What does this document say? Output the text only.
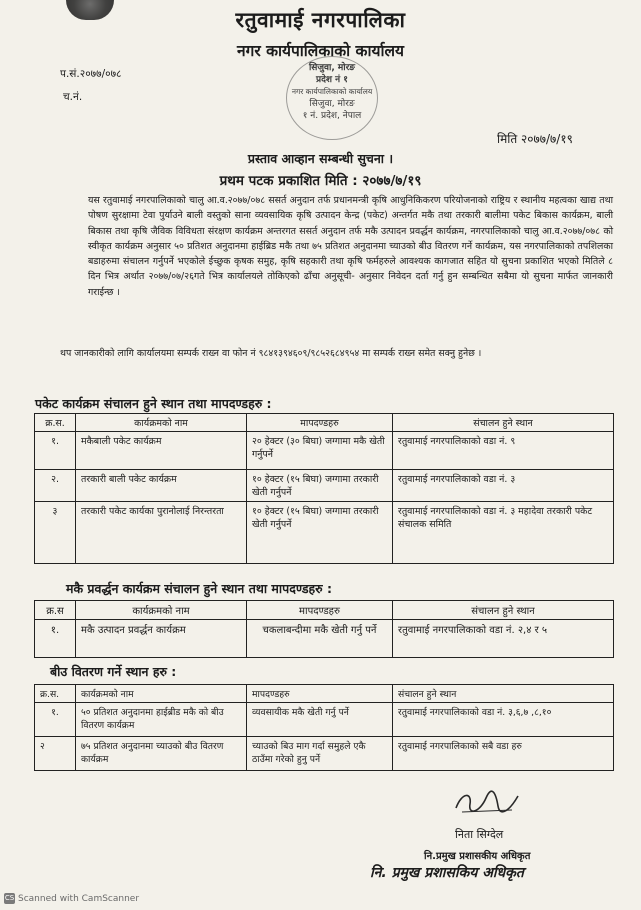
रतुवामाई नगरपालिका
नगर कार्यपालिकाको कार्यालय
प.सं.२०७७/०७८
च.नं.
मिति २०७७/७/१९
सिजुवा, मोरङ
प्रदेश नं १
नगर कार्यपालिकाको कार्यालय
सिजुवा, मोरङ
१ नं. प्रदेश, नेपाल
प्रस्ताव आव्हान सम्बन्धी सुचना ।
प्रथम पटक प्रकाशित मिति : २०७७/७/१९
यस रतुवामाई नगरपालिकाको चालु आ.व.२०७७/०७८ ससर्त अनुदान तर्फ प्रधानमन्त्री कृषि आधुनिकिकरण परियोजनाको राष्ट्रिय र स्थानीय महत्वका खाद्य तथा पोषण सुरक्षामा टेवा पुर्याउने बाली वस्तुको साना व्यवसायिक कृषि उत्पादन केन्द्र (पकेट) अन्तर्गत मकै तथा तरकारी बालीमा पकेट बिकास कार्यक्रम, बाली बिकास तथा कृषि जैविक विविधता संरक्षण कार्यक्रम अन्तरगत ससर्त अनुदान तर्फ मकै उत्पादन प्रवर्द्धन कार्यक्रम, नगरपालिकाको चालु आ.व.२०७७/०७८ को स्वीकृत कार्यक्रम अनुसार ५० प्रतिशत अनुदानमा हाईब्रिड मकै तथा ७५ प्रतिशत अनुदानमा च्याउको बीउ वितरण गर्ने कार्यक्रम, यस नगरपालिकाको तपशिलका बडाहरुमा संचालन गर्नुपर्ने भएकोले ईच्छुक कृषक समुह, कृषि सहकारी तथा कृषि फर्महरुले आवश्यक कागजात सहित यो सुचना प्रकाशित भएको मितिले ८ दिन भित्र अर्थात २०७७/०७/२६गते भित्र कार्यालयले तोकिएको ढाँचा अनुसूची- अनुसार निवेदन दर्ता गर्नु हुन सम्बन्धित सबैमा यो सुचना मार्फत जानकारी गराईन्छ ।
थप जानकारीको लागि कार्यालयमा सम्पर्क राख्न वा फोन नं ९८४१३९४६०९/९८५२६८४९५४ मा सम्पर्क राख्न समेत सक्नु हुनेछ ।
पकेट कार्यक्रम संचालन हुने स्थान तथा मापदण्डहरु :
क्र.स.	कार्यक्रमको नाम	मापदण्डहरु	संचालन हुने स्थान
१.	मकैबाली पकेट कार्यक्रम	२० हेक्टर (३० बिघा) जग्गामा मकै खेती गर्नुपर्ने	रतुवामाई नगरपालिकाको वडा नं. ९
२.	तरकारी बाली पकेट कार्यक्रम	१० हेक्टर (१५ बिघा) जग्गामा तरकारी खेती गर्नुपर्ने	रतुवामाई नगरपालिकाको वडा नं. ३
३	तरकारी पकेट कार्यका पुरानोलाई निरन्तरता	१० हेक्टर (१५ बिघा) जग्गामा तरकारी खेती गर्नुपर्ने	रतुवामाई नगरपालिकाको वडा नं. ३ महादेवा तरकारी पकेट संचालक समिति
मकै प्रवर्द्धन कार्यक्रम संचालन हुने स्थान तथा मापदण्डहरु :
क्र.स	कार्यक्रमको नाम	मापदण्डहरु	संचालन हुने स्थान
१.	मकै उत्पादन प्रवर्द्धन कार्यक्रम	चकलाबन्दीमा मकै खेती गर्नु पर्ने	रतुवामाई नगरपालिकाको वडा नं. २,४ र ५
बीउ वितरण गर्ने स्थान हरु :
क्र.स.	कार्यक्रमको नाम	मापदण्डहरु	संचालन हुने स्थान
१.	५० प्रतिशत अनुदानमा हाईब्रीड मकै को बीउ वितरण कार्यक्रम	व्यवसायीक मकै खेती गर्नु पर्ने	रतुवामाई नगरपालिकाको वडा नं. ३,६,७ ,८,१०
२	७५ प्रतिशत अनुदानमा च्याउको बीउ वितरण कार्यक्रम	च्याउको बिउ माग गर्दा समुहले एकै ठाउँमा गरेको हुनु पर्ने	रतुवामाई नगरपालिकाको सबै वडा हरु
निता सिग्देल
नि.प्रमुख प्रशासकीय अधिकृत
नि. प्रमुख प्रशासकिय अधिकृत
CS Scanned with CamScanner
